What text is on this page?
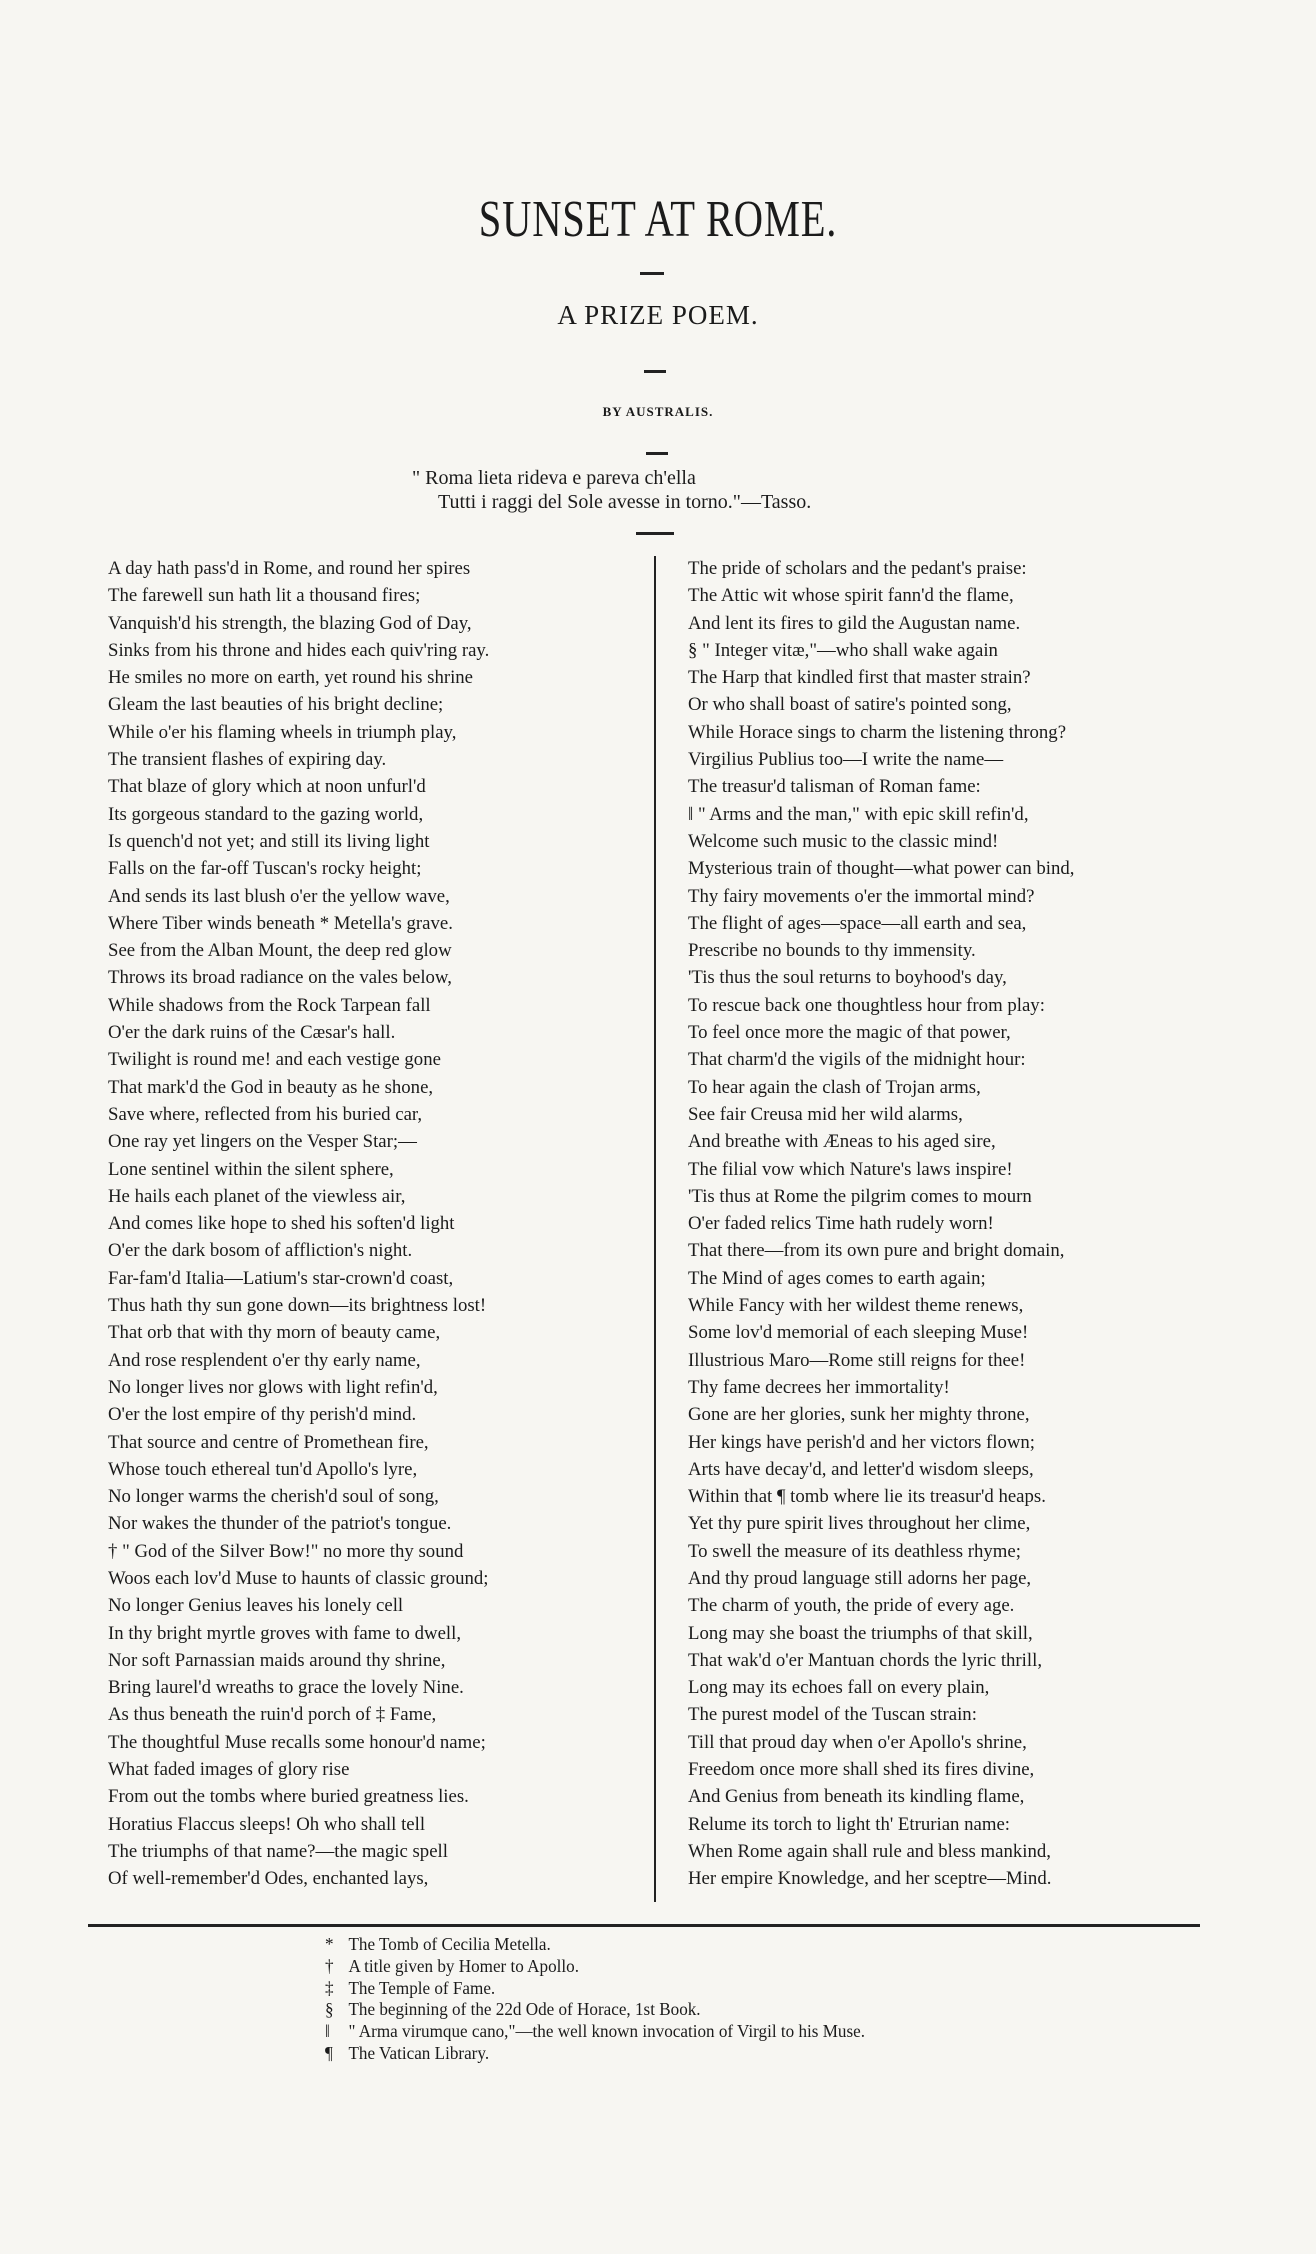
SUNSET AT ROME.
A PRIZE POEM.
BY AUSTRALIS.
" Roma lieta rideva e pareva ch'ella
Tutti i raggi del Sole avesse in torno."—Tasso.
A day hath pass'd in Rome, and round her spires
The farewell sun hath lit a thousand fires;
Vanquish'd his strength, the blazing God of Day,
Sinks from his throne and hides each quiv'ring ray.
He smiles no more on earth, yet round his shrine
Gleam the last beauties of his bright decline;
While o'er his flaming wheels in triumph play,
The transient flashes of expiring day.
That blaze of glory which at noon unfurl'd
Its gorgeous standard to the gazing world,
Is quench'd not yet; and still its living light
Falls on the far-off Tuscan's rocky height;
And sends its last blush o'er the yellow wave,
Where Tiber winds beneath * Metella's grave.
See from the Alban Mount, the deep red glow
Throws its broad radiance on the vales below,
While shadows from the Rock Tarpean fall
O'er the dark ruins of the Cæsar's hall.
Twilight is round me! and each vestige gone
That mark'd the God in beauty as he shone,
Save where, reflected from his buried car,
One ray yet lingers on the Vesper Star;—
Lone sentinel within the silent sphere,
He hails each planet of the viewless air,
And comes like hope to shed his soften'd light
O'er the dark bosom of affliction's night.
Far-fam'd Italia—Latium's star-crown'd coast,
Thus hath thy sun gone down—its brightness lost!
That orb that with thy morn of beauty came,
And rose resplendent o'er thy early name,
No longer lives nor glows with light refin'd,
O'er the lost empire of thy perish'd mind.
That source and centre of Promethean fire,
Whose touch ethereal tun'd Apollo's lyre,
No longer warms the cherish'd soul of song,
Nor wakes the thunder of the patriot's tongue.
† " God of the Silver Bow!" no more thy sound
Woos each lov'd Muse to haunts of classic ground;
No longer Genius leaves his lonely cell
In thy bright myrtle groves with fame to dwell,
Nor soft Parnassian maids around thy shrine,
Bring laurel'd wreaths to grace the lovely Nine.
As thus beneath the ruin'd porch of ‡ Fame,
The thoughtful Muse recalls some honour'd name;
What faded images of glory rise
From out the tombs where buried greatness lies.
Horatius Flaccus sleeps! Oh who shall tell
The triumphs of that name?—the magic spell
Of well-remember'd Odes, enchanted lays,
The pride of scholars and the pedant's praise:
The Attic wit whose spirit fann'd the flame,
And lent its fires to gild the Augustan name.
§ " Integer vitæ,"—who shall wake again
The Harp that kindled first that master strain?
Or who shall boast of satire's pointed song,
While Horace sings to charm the listening throng?
Virgilius Publius too—I write the name—
The treasur'd talisman of Roman fame:
‖ " Arms and the man," with epic skill refin'd,
Welcome such music to the classic mind!
Mysterious train of thought—what power can bind,
Thy fairy movements o'er the immortal mind?
The flight of ages—space—all earth and sea,
Prescribe no bounds to thy immensity.
'Tis thus the soul returns to boyhood's day,
To rescue back one thoughtless hour from play:
To feel once more the magic of that power,
That charm'd the vigils of the midnight hour:
To hear again the clash of Trojan arms,
See fair Creusa mid her wild alarms,
And breathe with Æneas to his aged sire,
The filial vow which Nature's laws inspire!
'Tis thus at Rome the pilgrim comes to mourn
O'er faded relics Time hath rudely worn!
That there—from its own pure and bright domain,
The Mind of ages comes to earth again;
While Fancy with her wildest theme renews,
Some lov'd memorial of each sleeping Muse!
Illustrious Maro—Rome still reigns for thee!
Thy fame decrees her immortality!
Gone are her glories, sunk her mighty throne,
Her kings have perish'd and her victors flown;
Arts have decay'd, and letter'd wisdom sleeps,
Within that ¶ tomb where lie its treasur'd heaps.
Yet thy pure spirit lives throughout her clime,
To swell the measure of its deathless rhyme;
And thy proud language still adorns her page,
The charm of youth, the pride of every age.
Long may she boast the triumphs of that skill,
That wak'd o'er Mantuan chords the lyric thrill,
Long may its echoes fall on every plain,
The purest model of the Tuscan strain:
Till that proud day when o'er Apollo's shrine,
Freedom once more shall shed its fires divine,
And Genius from beneath its kindling flame,
Relume its torch to light th' Etrurian name:
When Rome again shall rule and bless mankind,
Her empire Knowledge, and her sceptre—Mind.
* The Tomb of Cecilia Metella.
† A title given by Homer to Apollo.
‡ The Temple of Fame.
§ The beginning of the 22d Ode of Horace, 1st Book.
‖ " Arma virumque cano,"—the well known invocation of Virgil to his Muse.
¶ The Vatican Library.
